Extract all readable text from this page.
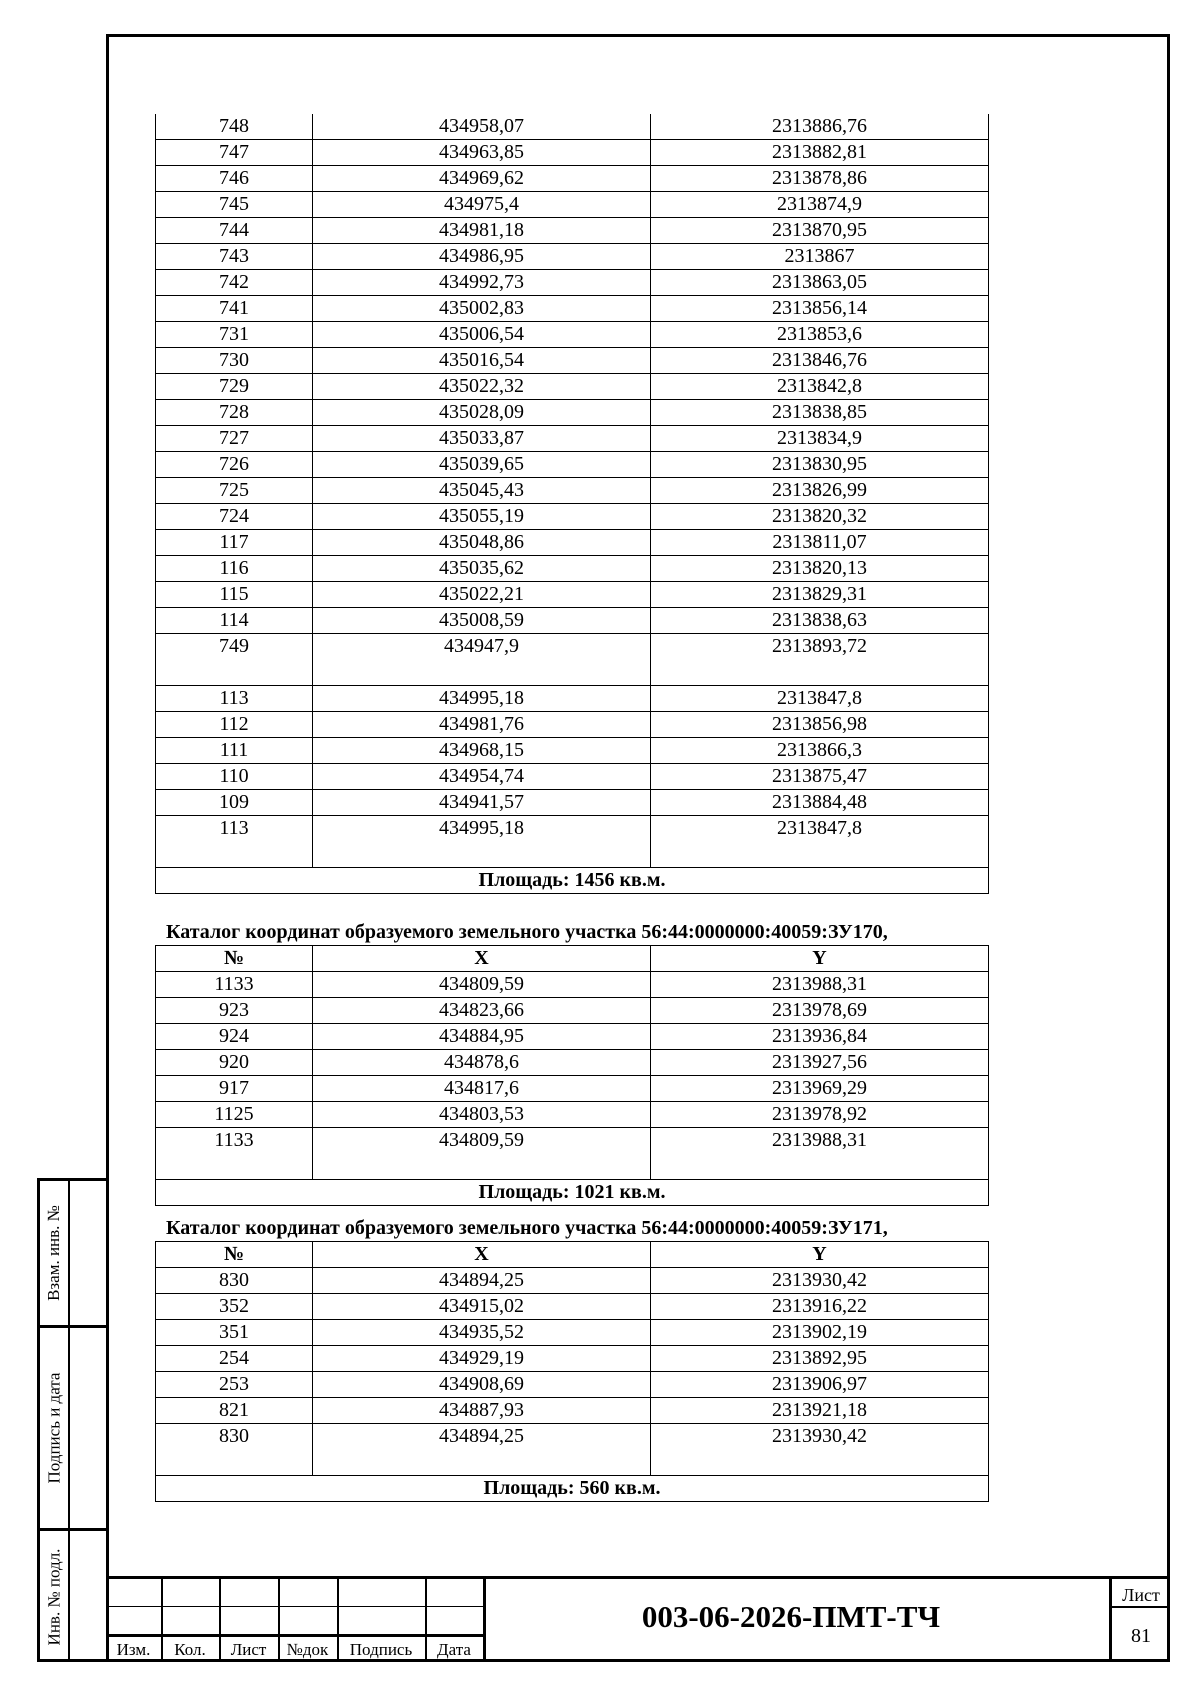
748	434958,07	2313886,76
747	434963,85	2313882,81
746	434969,62	2313878,86
745	434975,4	2313874,9
744	434981,18	2313870,95
743	434986,95	2313867
742	434992,73	2313863,05
741	435002,83	2313856,14
731	435006,54	2313853,6
730	435016,54	2313846,76
729	435022,32	2313842,8
728	435028,09	2313838,85
727	435033,87	2313834,9
726	435039,65	2313830,95
725	435045,43	2313826,99
724	435055,19	2313820,32
117	435048,86	2313811,07
116	435035,62	2313820,13
115	435022,21	2313829,31
114	435008,59	2313838,63
749	434947,9	2313893,72
113	434995,18	2313847,8
112	434981,76	2313856,98
111	434968,15	2313866,3
110	434954,74	2313875,47
109	434941,57	2313884,48
113	434995,18	2313847,8
Площадь: 1456 кв.м.		
Каталог координат образуемого земельного участка 56:44:0000000:40059:ЗУ170,
№	X	Y
1133	434809,59	2313988,31
923	434823,66	2313978,69
924	434884,95	2313936,84
920	434878,6	2313927,56
917	434817,6	2313969,29
1125	434803,53	2313978,92
1133	434809,59	2313988,31
Площадь: 1021 кв.м.		
Каталог координат образуемого земельного участка 56:44:0000000:40059:ЗУ171,
№	X	Y
830	434894,25	2313930,42
352	434915,02	2313916,22
351	434935,52	2313902,19
254	434929,19	2313892,95
253	434908,69	2313906,97
821	434887,93	2313921,18
830	434894,25	2313930,42
Площадь: 560 кв.м.		
Взам. инв. №
Подпись и дата
Инв. № подл.
Изм.	Кол.	Лист	№док	Подпись	Дата
003-06-2026-ПМТ-ТЧ
Лист
81
